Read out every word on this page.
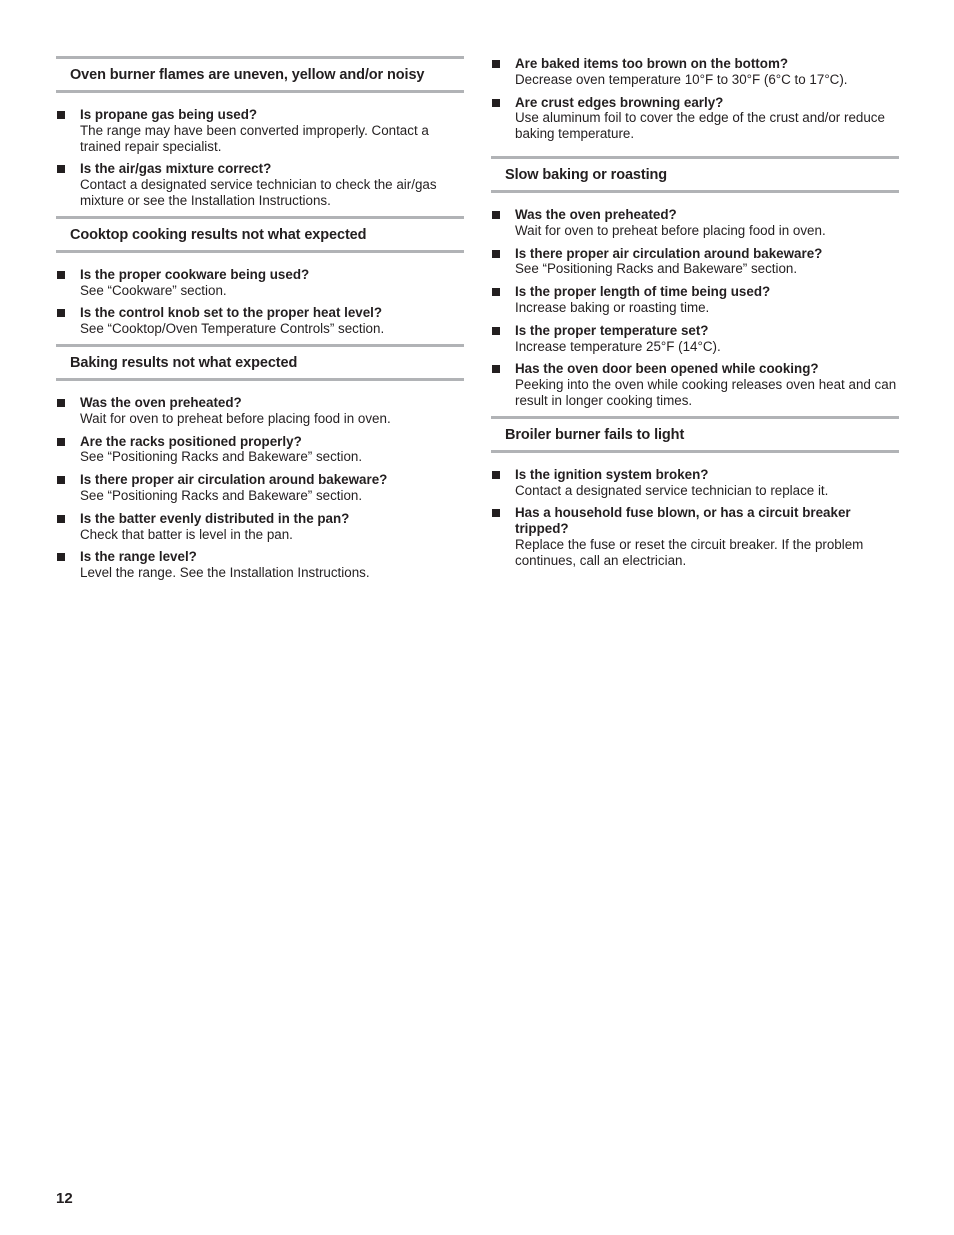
Oven burner flames are uneven, yellow and/or noisy
Is propane gas being used?
The range may have been converted improperly. Contact a trained repair specialist.
Is the air/gas mixture correct?
Contact a designated service technician to check the air/gas mixture or see the Installation Instructions.
Cooktop cooking results not what expected
Is the proper cookware being used?
See “Cookware” section.
Is the control knob set to the proper heat level?
See “Cooktop/Oven Temperature Controls” section.
Baking results not what expected
Was the oven preheated?
Wait for oven to preheat before placing food in oven.
Are the racks positioned properly?
See “Positioning Racks and Bakeware” section.
Is there proper air circulation around bakeware?
See “Positioning Racks and Bakeware” section.
Is the batter evenly distributed in the pan?
Check that batter is level in the pan.
Is the range level?
Level the range. See the Installation Instructions.
Are baked items too brown on the bottom?
Decrease oven temperature 10°F to 30°F (6°C to 17°C).
Are crust edges browning early?
Use aluminum foil to cover the edge of the crust and/or reduce baking temperature.
Slow baking or roasting
Was the oven preheated?
Wait for oven to preheat before placing food in oven.
Is there proper air circulation around bakeware?
See “Positioning Racks and Bakeware” section.
Is the proper length of time being used?
Increase baking or roasting time.
Is the proper temperature set?
Increase temperature 25°F (14°C).
Has the oven door been opened while cooking?
Peeking into the oven while cooking releases oven heat and can result in longer cooking times.
Broiler burner fails to light
Is the ignition system broken?
Contact a designated service technician to replace it.
Has a household fuse blown, or has a circuit breaker tripped?
Replace the fuse or reset the circuit breaker. If the problem continues, call an electrician.
12
